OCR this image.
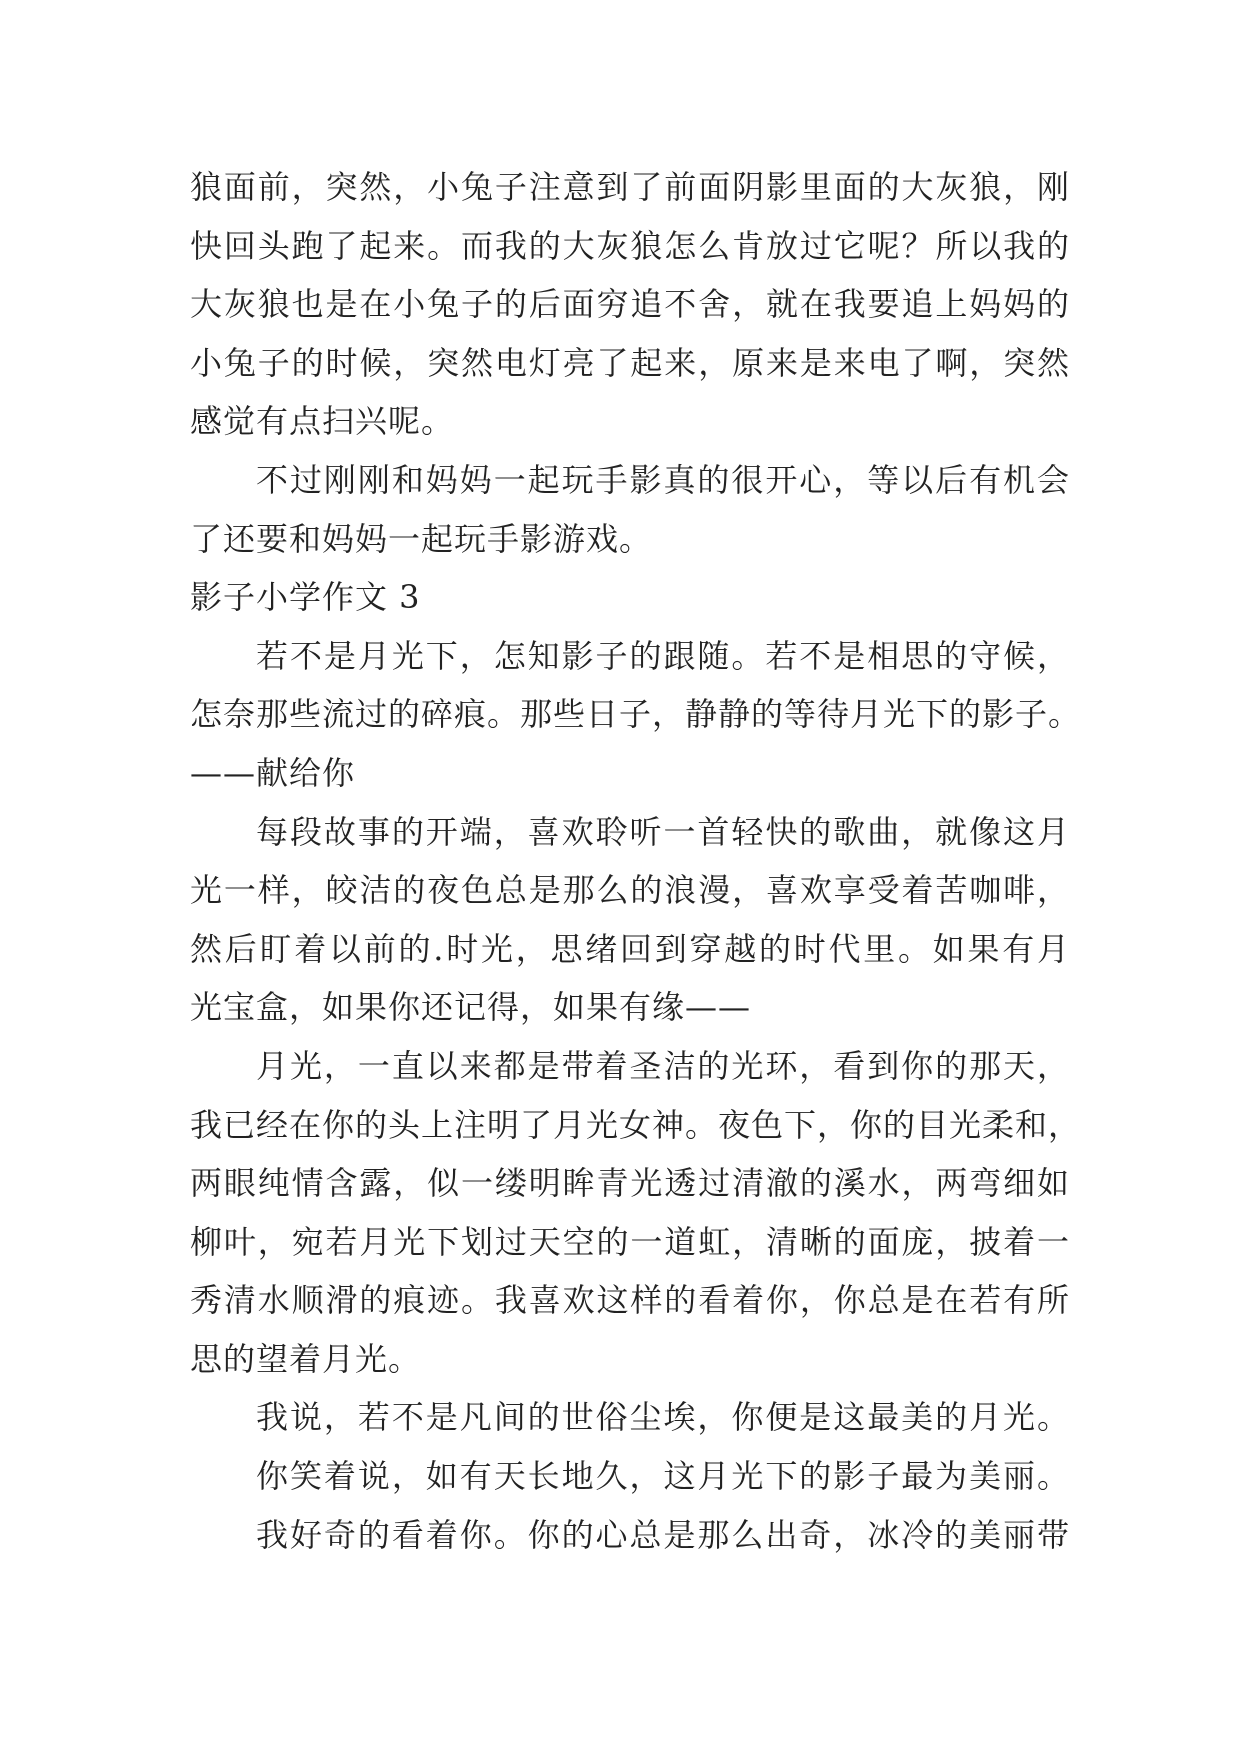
狼面前，突然，小兔子注意到了前面阴影里面的大灰狼，刚
快回头跑了起来。而我的大灰狼怎么肯放过它呢？所以我的
大灰狼也是在小兔子的后面穷追不舍，就在我要追上妈妈的
小兔子的时候，突然电灯亮了起来，原来是来电了啊，突然
感觉有点扫兴呢。
不过刚刚和妈妈一起玩手影真的很开心，等以后有机会
了还要和妈妈一起玩手影游戏。
影子小学作文 3
若不是月光下，怎知影子的跟随。若不是相思的守候，
怎奈那些流过的碎痕。那些日子，静静的等待月光下的影子。
——献给你
每段故事的开端，喜欢聆听一首轻快的歌曲，就像这月
光一样，皎洁的夜色总是那么的浪漫，喜欢享受着苦咖啡，
然后盯着以前的.时光，思绪回到穿越的时代里。如果有月
光宝盒，如果你还记得，如果有缘——
月光，一直以来都是带着圣洁的光环，看到你的那天，
我已经在你的头上注明了月光女神。夜色下，你的目光柔和，
两眼纯情含露，似一缕明眸青光透过清澈的溪水，两弯细如
柳叶，宛若月光下划过天空的一道虹，清晰的面庞，披着一
秀清水顺滑的痕迹。我喜欢这样的看着你，你总是在若有所
思的望着月光。
我说，若不是凡间的世俗尘埃，你便是这最美的月光。
你笑着说，如有天长地久，这月光下的影子最为美丽。
我好奇的看着你。你的心总是那么出奇，冰冷的美丽带
